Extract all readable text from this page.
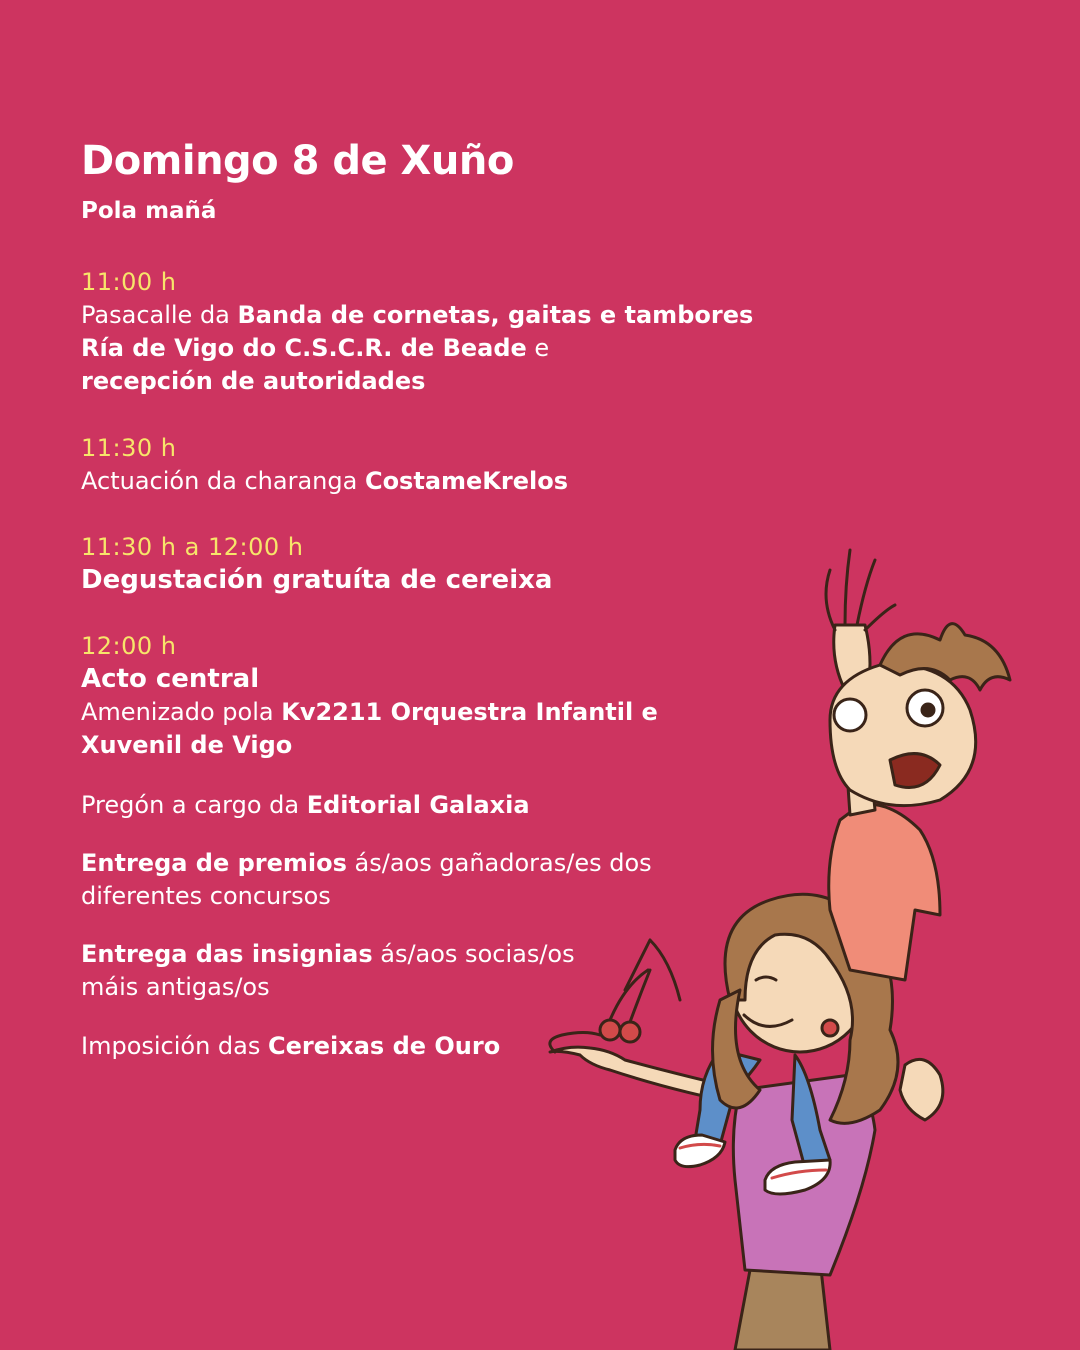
Domingo 8 de Xuño
Pola mañá
11:00 h
Pasacalle da Banda de cornetas, gaitas e tambores
Ría de Vigo do C.S.C.R. de Beade e
recepción de autoridades
11:30 h
Actuación da charanga CostameKrelos
11:30 h a 12:00 h
Degustación gratuíta de cereixa
12:00 h
Acto central
Amenizado pola Kv2211 Orquestra Infantil e
Xuvenil de Vigo
Pregón a cargo da Editorial Galaxia
Entrega de premios ás/aos gañadoras/es dos
diferentes concursos
Entrega das insignias ás/aos socias/os
máis antigas/os
Imposición das Cereixas de Ouro
